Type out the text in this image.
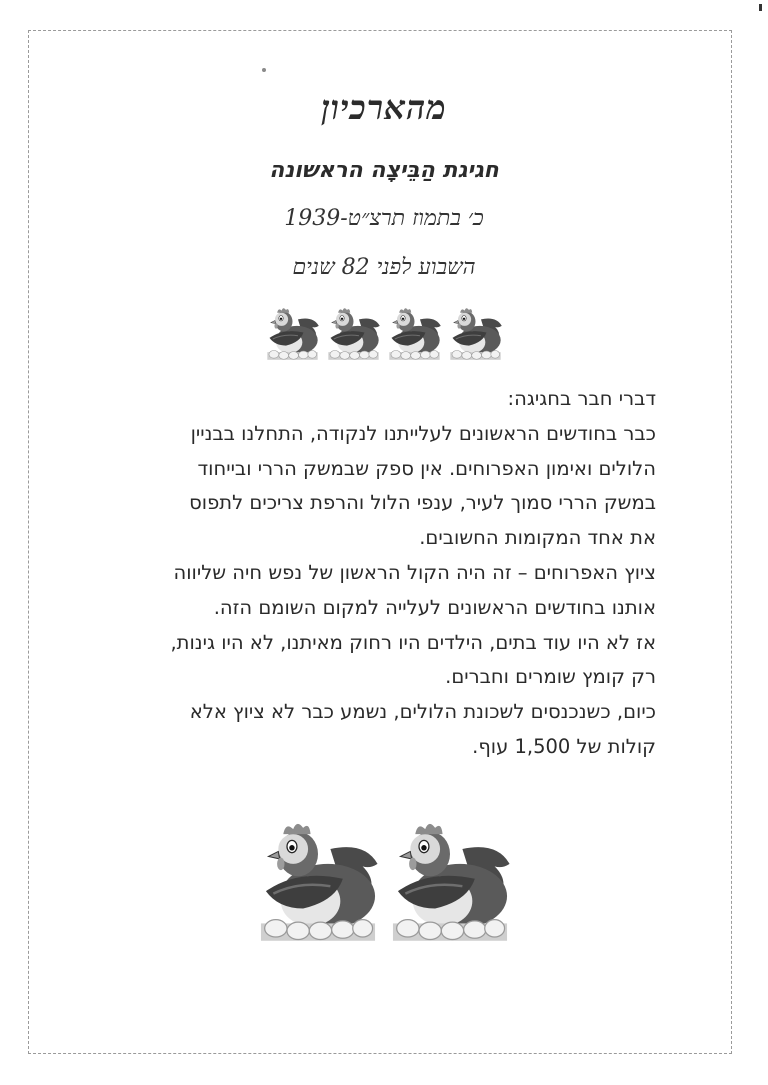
מהארכיון
חגיגת הַבֵּיצָה הראשונה
כ׳ בתמוז תרצ״ט-1939
השבוע לפני 82 שנים

דברי חבר בחגיגה:

כבר בחודשים הראשונים לעלייתנו לנקודה, התחלנו בבניין

הלולים ואימון האפרוחים. אין ספק שבמשק הררי ובייחוד

במשק הררי סמוך לעיר, ענפי הלול והרפת צריכים לתפוס

את אחד המקומות החשובים.

ציוץ האפרוחים – זה היה הקול הראשון של נפש חיה שליווה

אותנו בחודשים הראשונים לעלייה למקום השומם הזה.

אז לא היו עוד בתים, הילדים היו רחוק מאיתנו, לא היו גינות,

רק קומץ שומרים וחברים.

כיום, כשנכנסים לשכונת הלולים, נשמע כבר לא ציוץ אלא

קולות של 1,500 עוף.
